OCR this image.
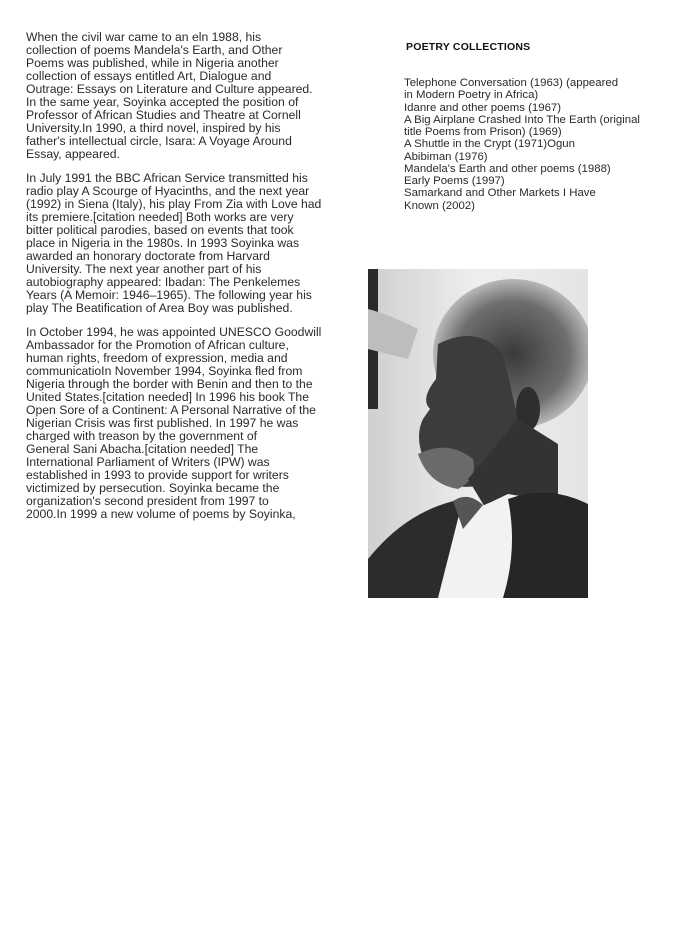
When the civil war came to an eln 1988, his
collection of poems Mandela's Earth, and Other
Poems was published, while in Nigeria another
collection of essays entitled Art, Dialogue and
Outrage: Essays on Literature and Culture appeared.
In the same year, Soyinka accepted the position of
Professor of African Studies and Theatre at Cornell
University.In 1990, a third novel, inspired by his
father's intellectual circle, Isara: A Voyage Around
Essay, appeared.
In July 1991 the BBC African Service transmitted his
radio play A Scourge of Hyacinths, and the next year
(1992) in Siena (Italy), his play From Zia with Love had
its premiere.[citation needed] Both works are very
bitter political parodies, based on events that took
place in Nigeria in the 1980s. In 1993 Soyinka was
awarded an honorary doctorate from Harvard
University. The next year another part of his
autobiography appeared: Ibadan: The Penkelemes
Years (A Memoir: 1946–1965). The following year his
play The Beatification of Area Boy was published.
In October 1994, he was appointed UNESCO Goodwill
Ambassador for the Promotion of African culture,
human rights, freedom of expression, media and
communicatioIn November 1994, Soyinka fled from
Nigeria through the border with Benin and then to the
United States.[citation needed] In 1996 his book The
Open Sore of a Continent: A Personal Narrative of the
Nigerian Crisis was first published. In 1997 he was
charged with treason by the government of
General Sani Abacha.[citation needed] The
International Parliament of Writers (IPW) was
established in 1993 to provide support for writers
victimized by persecution. Soyinka became the
organization's second president from 1997 to
2000.In 1999 a new volume of poems by Soyinka,
POETRY COLLECTIONS
Telephone Conversation (1963) (appeared
in Modern Poetry in Africa)
Idanre and other poems (1967)
A Big Airplane Crashed Into The Earth (original
title Poems from Prison) (1969)
A Shuttle in the Crypt (1971)Ogun
Abibiman (1976)
Mandela's Earth and other poems (1988)
Early Poems (1997)
Samarkand and Other Markets I Have
Known (2002)
